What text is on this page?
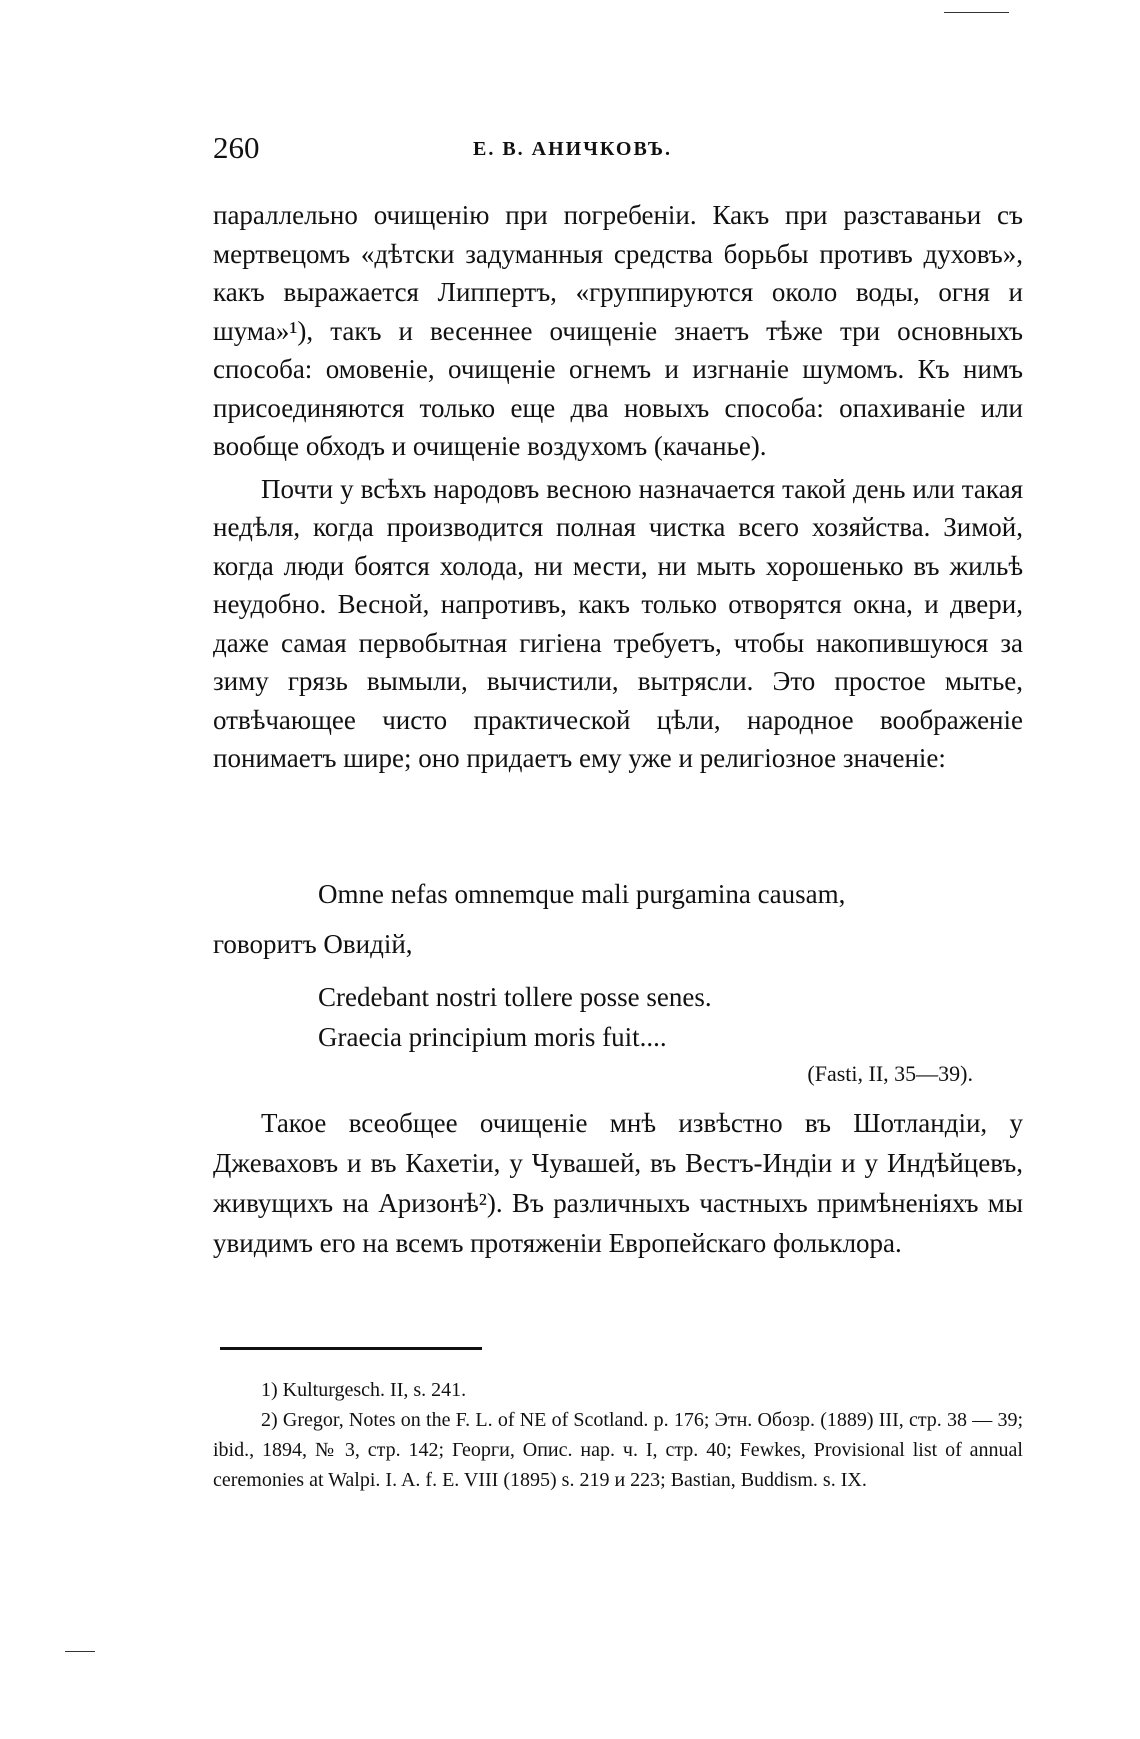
260	Е. В. АНИЧКОВЪ.

параллельно очищенію при погребеніи. Какъ при разставаньи съ мертвецомъ «дѣтски задуманныя средства борьбы противъ духовъ», какъ выражается Липпертъ, «группируются около воды, огня и шума»¹), такъ и весеннее очищеніе знаетъ тѣже три основныхъ способа: омовеніе, очищеніе огнемъ и изгнаніе шумомъ. Къ нимъ присоединяются только еще два новыхъ способа: опахиваніе или вообще обходъ и очищеніе воздухомъ (качанье).

Почти у всѣхъ народовъ весною назначается такой день или такая недѣля, когда производится полная чистка всего хозяйства. Зимой, когда люди боятся холода, ни мести, ни мыть хорошенько въ жильѣ неудобно. Весной, напротивъ, какъ только отворятся окна, и двери, даже самая первобытная гигіена требуетъ, чтобы накопившуюся за зиму грязь вымыли, вычистили, вытрясли. Это простое мытье, отвѣчающее чисто практической цѣли, народное воображеніе понимаетъ шире; оно придаетъ ему уже и религіозное значеніе:

Omne nefas omnemque mali purgamina causam,
говоритъ Овидій,
Credebant nostri tollere posse senes.
Graecia principium moris fuit....
(Fasti, II, 35—39).

Такое всеобщее очищеніе мнѣ извѣстно въ Шотландіи, у Джеваховъ и въ Кахетіи, у Чувашей, въ Вестъ-Индіи и у Индѣйцевъ, живущихъ на Аризонѣ²). Въ различныхъ частныхъ примѣненіяхъ мы увидимъ его на всемъ протяженіи Европейскаго фольклора.

1) Kulturgesch. II, s. 241.
2) Gregor, Notes on the F. L. of NE of Scotland. p. 176; Этн. Обозр. (1889) III, стр. 38 — 39; ibid., 1894, № 3, стр. 142; Георги, Опис. нар. ч. I, стр. 40; Fewkes, Provisional list of annual ceremonies at Walpi. I. A. f. E. VIII (1895) s. 219 и 223; Bastian, Buddism. s. IX.
